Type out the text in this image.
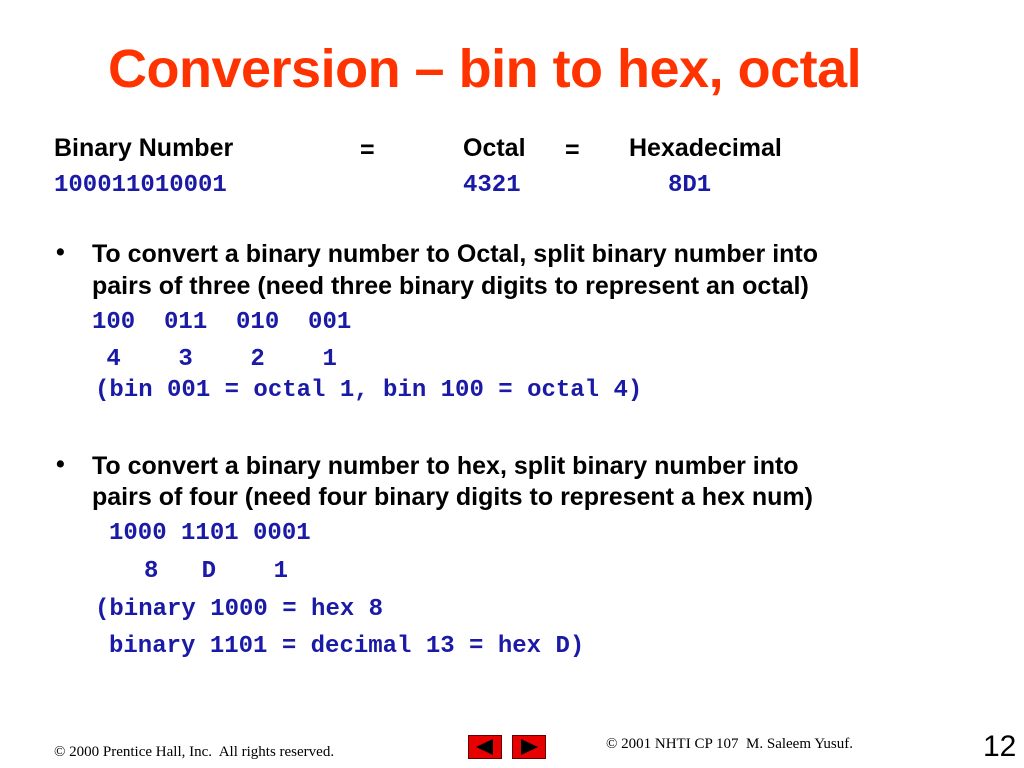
Conversion – bin to hex, octal
Binary Number	=	Octal = Hexadecimal
100011010001	4321	8D1
• To convert a binary number to Octal, split binary number into
pairs of three (need three binary digits to represent an octal)
100  011  010  001
4    3    2    1
(bin 001 = octal 1, bin 100 = octal 4)
• To convert a binary number to hex, split binary number into
pairs of four (need four binary digits to represent a hex num)
1000 1101 0001
8   D    1
(binary 1000 = hex 8
binary 1101 = decimal 13 = hex D)
© 2000 Prentice Hall, Inc.  All rights reserved.	© 2001 NHTI CP 107  M. Saleem Yusuf.	12
